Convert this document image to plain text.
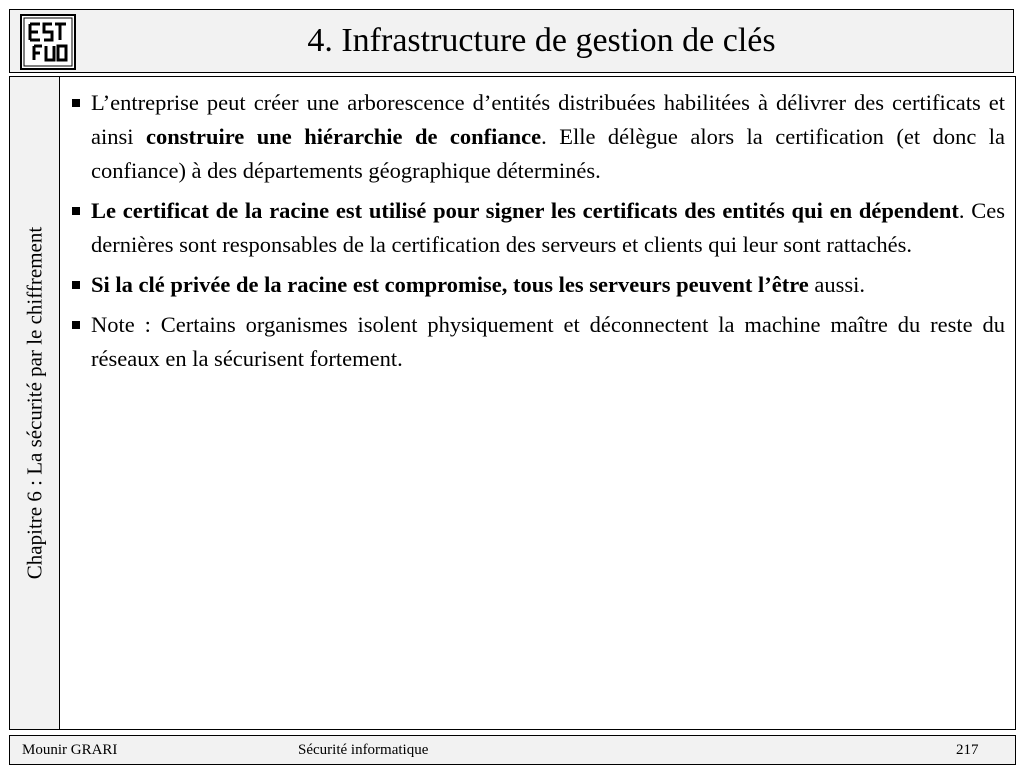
4. Infrastructure de gestion de clés
Chapitre 6 : La sécurité par le chiffrement
L’entreprise peut créer une arborescence d’entités distribuées habilitées à délivrer des certificats et ainsi construire une hiérarchie de confiance. Elle délègue alors la certification (et donc la confiance) à des départements géographique déterminés.
Le certificat de la racine est utilisé pour signer les certificats des entités qui en dépendent. Ces dernières sont responsables de la certification des serveurs et clients qui leur sont rattachés.
Si la clé privée de la racine est compromise, tous les serveurs peuvent l’être aussi.
Note : Certains organismes isolent physiquement et déconnectent la machine maître du reste du réseaux en la sécurisent fortement.
Mounir GRARI	Sécurité informatique	217
